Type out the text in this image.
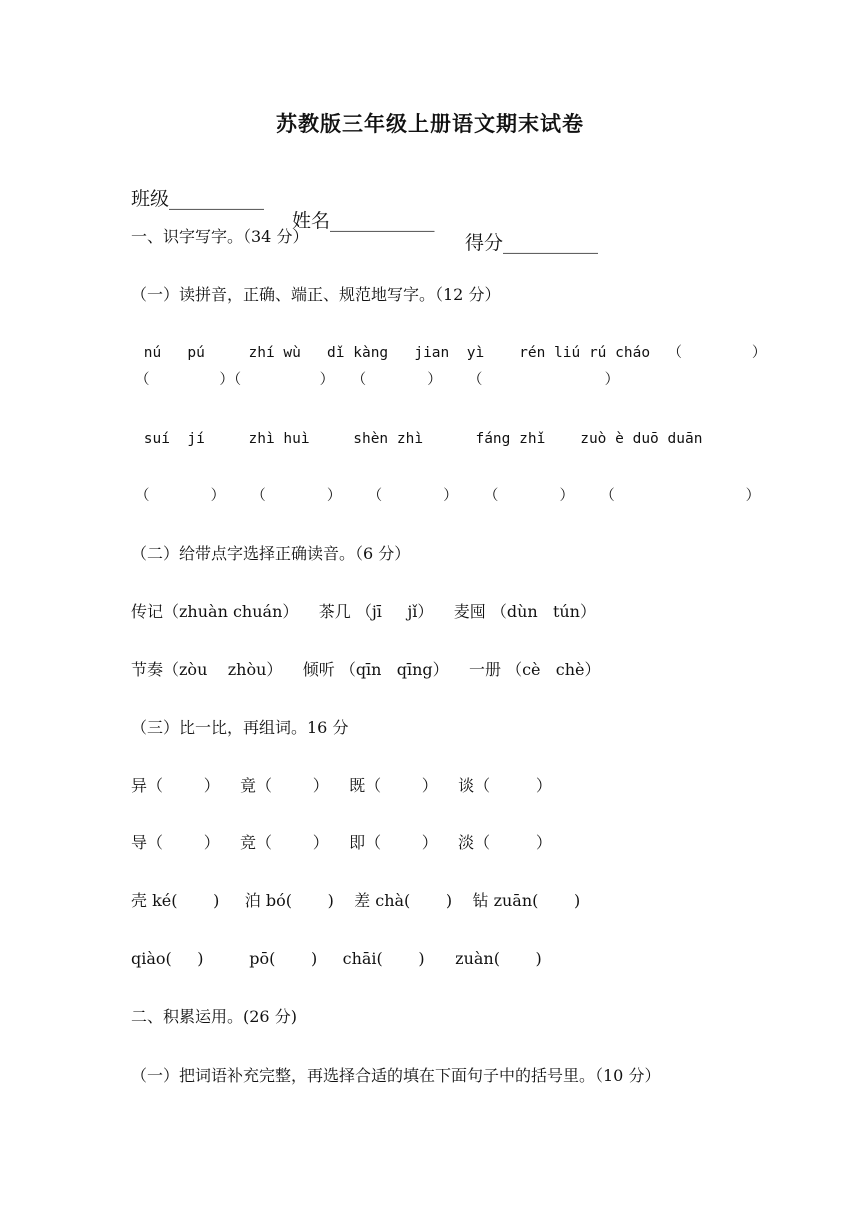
苏教版三年级上册语文期末试卷

班级__________

姓名___________

得分__________

一、识字写字。（34 分）
（一）读拼音，正确、端正、规范地写字。（12 分）
nú   pú     zhí wù   dǐ kàng   jian  yì    rén liú rú cháo  （        ）
（        ）（         ）  （       ）   （              ）
suí  jí     zhì huì     shèn zhì      fáng zhǐ    zuò è duō duān
（       ）   （       ）   （       ）   （       ）   （               ）
（二）给带点字选择正确读音。（6 分）
传记（zhuàn chuán）    茶几 （jī     jǐ）    麦囤 （dùn   tún）
节奏（zòu    zhòu）    倾听 （qīn   qīng）    一册 （cè   chè）
（三）比一比，再组词。16 分
异（        ）    竟（        ）    既（        ）    谈（         ）
导（        ）    竞（        ）    即（        ）    淡（         ）
壳 ké(       )     泊 bó(       )    差 chà(       )    钻 zuān(       )
qiào(     )         pō(       )     chāi(       )      zuàn(       )
二、积累运用。(26 分)
（一）把词语补充完整，再选择合适的填在下面句子中的括号里。（10 分）
